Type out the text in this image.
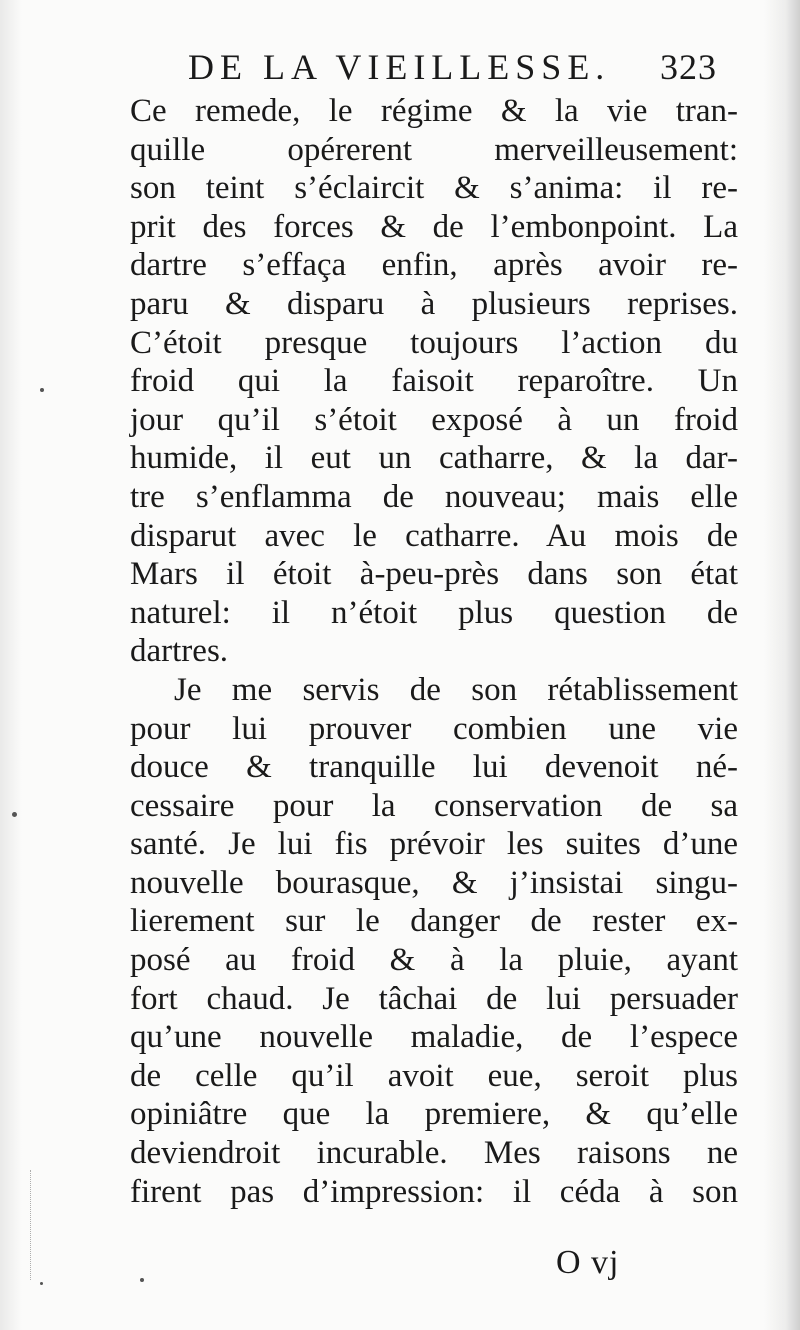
DE LA VIEILLESSE. 323
Ce remede, le régime & la vie tran-
quille opérerent merveilleusement:
son teint s’éclaircit & s’anima: il re-
prit des forces & de l’embonpoint. La
dartre s’effaça enfin, après avoir re-
paru & disparu à plusieurs reprises.
C’étoit presque toujours l’action du
froid qui la faisoit reparoître. Un
jour qu’il s’étoit exposé à un froid
humide, il eut un catharre, & la dar-
tre s’enflamma de nouveau; mais elle
disparut avec le catharre. Au mois de
Mars il étoit à-peu-près dans son état
naturel: il n’étoit plus question de
dartres.
Je me servis de son rétablissement
pour lui prouver combien une vie
douce & tranquille lui devenoit né-
cessaire pour la conservation de sa
santé. Je lui fis prévoir les suites d’une
nouvelle bourasque, & j’insistai singu-
lierement sur le danger de rester ex-
posé au froid & à la pluie, ayant
fort chaud. Je tâchai de lui persuader
qu’une nouvelle maladie, de l’espece
de celle qu’il avoit eue, seroit plus
opiniâtre que la premiere, & qu’elle
deviendroit incurable. Mes raisons ne
firent pas d’impression: il céda à son
O vj
